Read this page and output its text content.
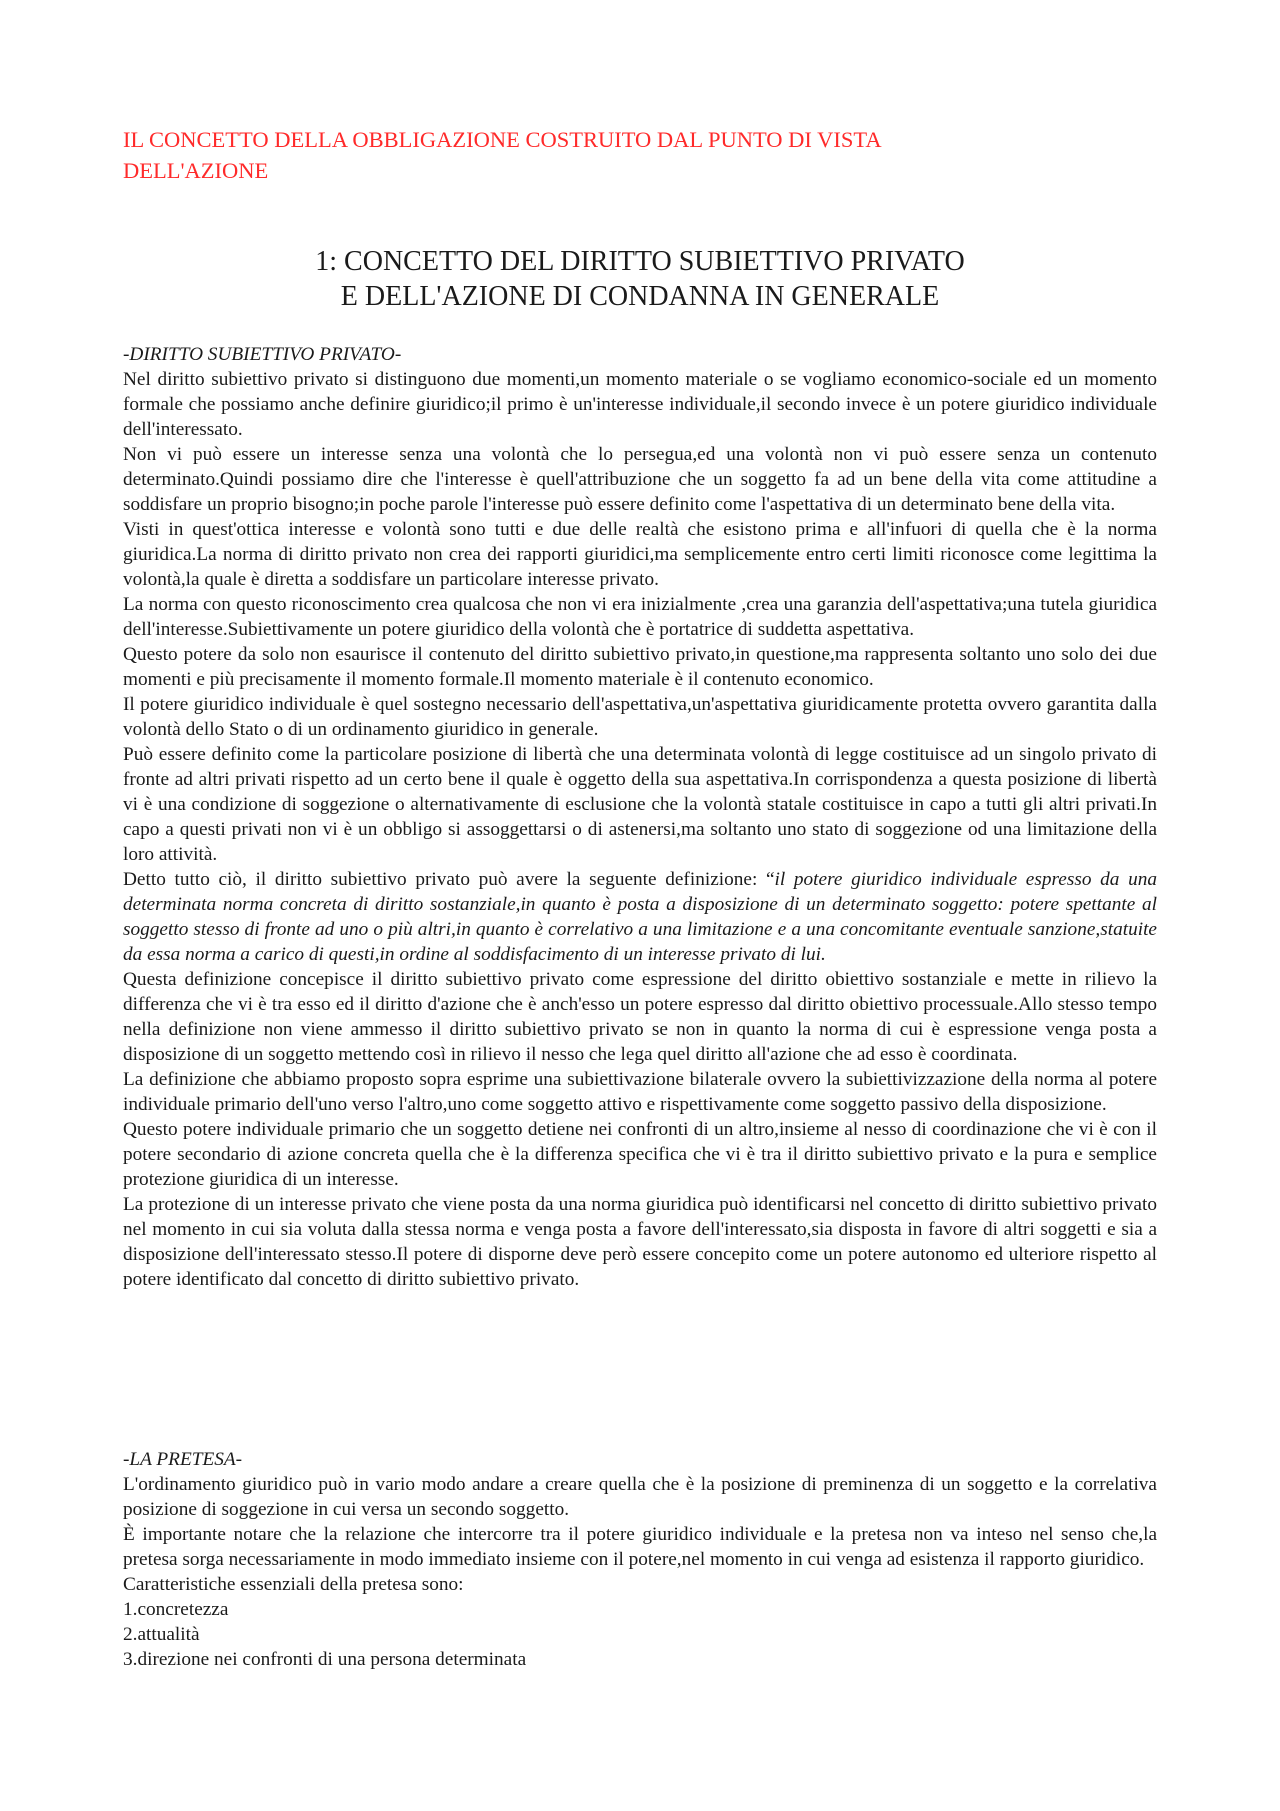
IL CONCETTO DELLA OBBLIGAZIONE COSTRUITO DAL PUNTO DI VISTA DELL'AZIONE
1: CONCETTO DEL DIRITTO SUBIETTIVO PRIVATO
E DELL'AZIONE DI CONDANNA IN GENERALE

-DIRITTO SUBIETTIVO PRIVATO-

Nel diritto subiettivo privato si distinguono due momenti,un momento materiale o se vogliamo economico-sociale ed un momento formale che possiamo anche definire giuridico;il primo è un'interesse individuale,il secondo invece è un potere giuridico individuale dell'interessato.

Non vi può essere un interesse senza una volontà che lo persegua,ed una volontà non vi può essere senza un contenuto determinato.Quindi possiamo dire che l'interesse è quell'attribuzione che un soggetto fa ad un bene della vita come attitudine a soddisfare un proprio bisogno;in poche parole l'interesse può essere definito come l'aspettativa di un determinato bene della vita.

Visti in quest'ottica interesse e volontà sono tutti e due delle realtà che esistono prima e all'infuori di quella che è la norma giuridica.La norma di diritto privato non crea dei rapporti giuridici,ma semplicemente entro certi limiti riconosce come legittima la volontà,la quale è diretta a soddisfare un particolare interesse privato.

La norma con questo riconoscimento crea qualcosa che non vi era inizialmente ,crea una garanzia dell'aspettativa;una tutela giuridica dell'interesse.Subiettivamente un potere giuridico della volontà che è portatrice di suddetta aspettativa.

Questo potere da solo non esaurisce il contenuto del diritto subiettivo privato,in questione,ma rappresenta soltanto uno solo dei due momenti e più precisamente il momento formale.Il momento materiale è il contenuto economico.

Il potere giuridico individuale è quel sostegno necessario dell'aspettativa,un'aspettativa giuridicamente protetta ovvero garantita dalla volontà dello Stato o di un ordinamento giuridico in generale.

Può essere definito come la particolare posizione di libertà che una determinata volontà di legge costituisce ad un singolo privato di fronte ad altri privati rispetto ad un certo bene il quale è oggetto della sua aspettativa.In corrispondenza a questa posizione di libertà vi è una condizione di soggezione o alternativamente di esclusione che la volontà statale costituisce in capo a tutti gli altri privati.In capo a questi privati non vi è un obbligo si assoggettarsi o di astenersi,ma soltanto uno stato di soggezione od una limitazione della loro attività.

Detto tutto ciò, il diritto subiettivo privato può avere la seguente definizione: “il potere giuridico individuale espresso da una determinata norma concreta di diritto sostanziale,in quanto è posta a disposizione di un determinato soggetto: potere spettante al soggetto stesso di fronte ad uno o più altri,in quanto è correlativo a una limitazione e a una concomitante eventuale sanzione,statuite da essa norma a carico di questi,in ordine al soddisfacimento di un interesse privato di lui.

Questa definizione concepisce il diritto subiettivo privato come espressione del diritto obiettivo sostanziale e mette in rilievo la differenza che vi è tra esso ed il diritto d'azione che è anch'esso un potere espresso dal diritto obiettivo processuale.Allo stesso tempo nella definizione non viene ammesso il diritto subiettivo privato se non in quanto la norma di cui è espressione venga posta a disposizione di un soggetto mettendo così in rilievo il nesso che lega quel diritto all'azione che ad esso è coordinata.

La definizione che abbiamo proposto sopra esprime una subiettivazione bilaterale ovvero la subiettivizzazione della norma al potere individuale primario dell'uno verso l'altro,uno come soggetto attivo e rispettivamente come soggetto passivo della disposizione.

Questo potere individuale primario che un soggetto detiene nei confronti di un altro,insieme al nesso di coordinazione che vi è con il potere secondario di azione concreta quella che è la differenza specifica che vi è tra il diritto subiettivo privato e la pura e semplice protezione giuridica di un interesse.

La protezione di un interesse privato che viene posta da una norma giuridica può identificarsi nel concetto di diritto subiettivo privato nel momento in cui sia voluta dalla stessa norma e venga posta a favore dell'interessato,sia disposta in favore di altri soggetti e sia a disposizione dell'interessato stesso.Il potere di disporne deve però essere concepito come un potere autonomo ed ulteriore rispetto al potere identificato dal concetto di diritto subiettivo privato.

-LA PRETESA-

L'ordinamento giuridico può in vario modo andare a creare quella che è la posizione di preminenza di un soggetto e la correlativa posizione di soggezione in cui versa un secondo soggetto.

È importante notare che la relazione che intercorre tra il potere giuridico individuale e la pretesa non va inteso nel senso che,la pretesa sorga necessariamente in modo immediato insieme con il potere,nel momento in cui venga ad esistenza il rapporto giuridico.

Caratteristiche essenziali della pretesa sono:

1.concretezza

2.attualità

3.direzione nei confronti di una persona determinata
